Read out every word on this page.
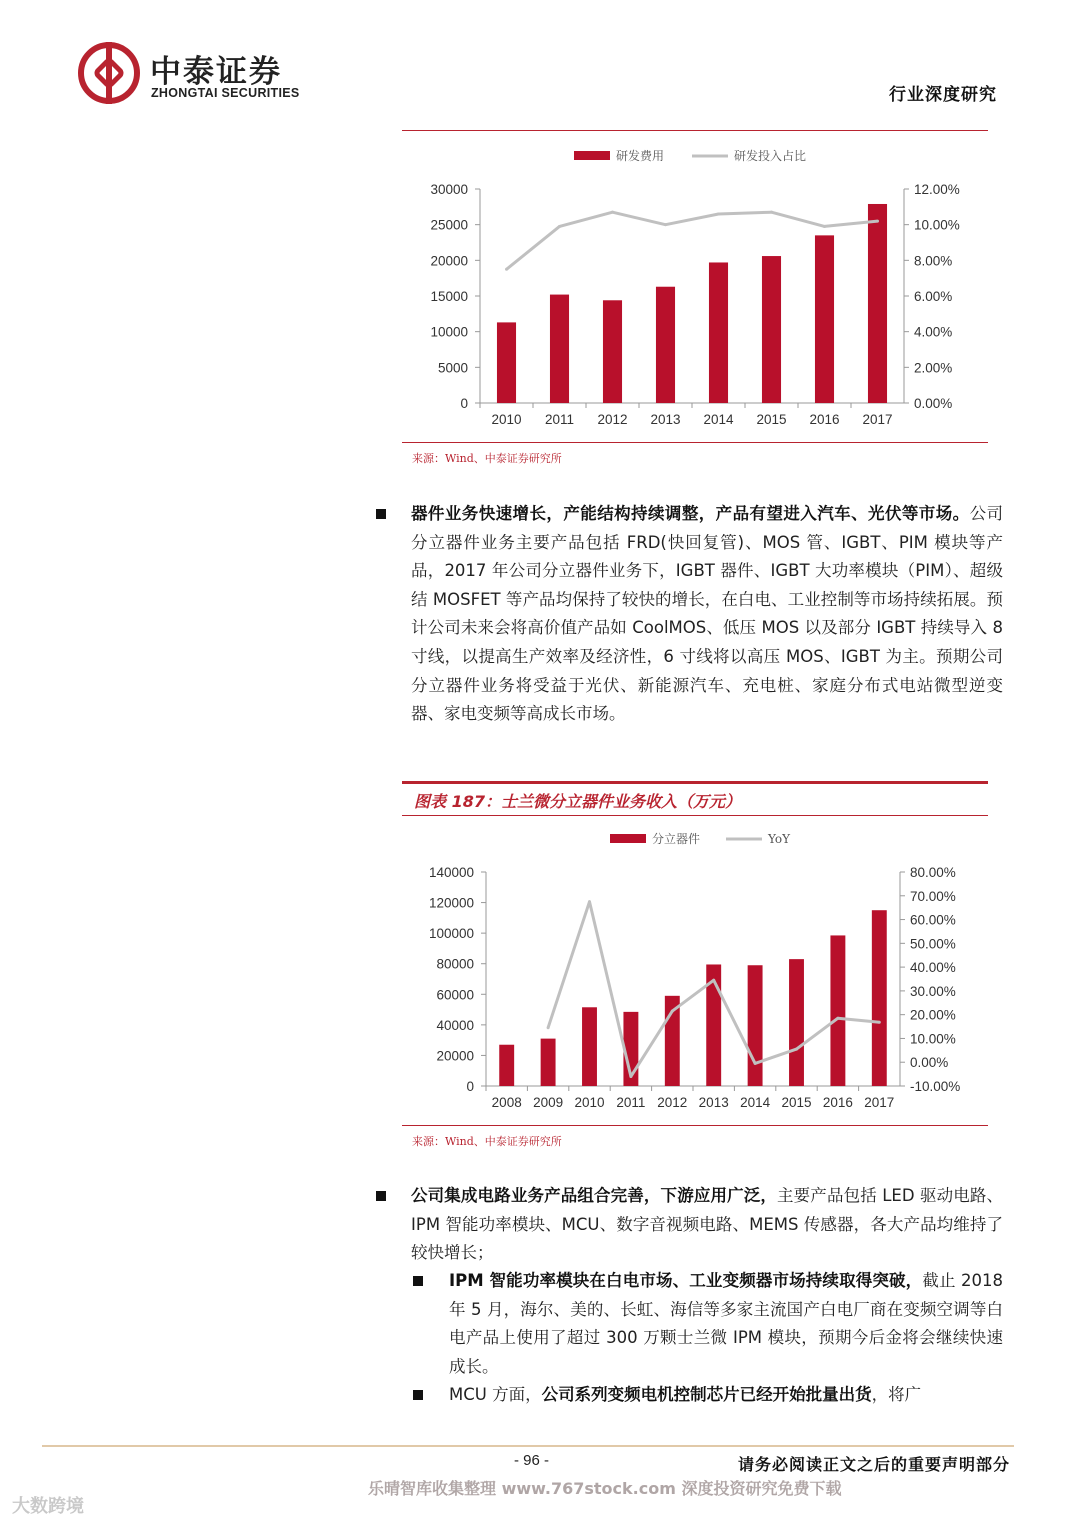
中泰证券
ZHONGTAI SECURITIES	行业深度研究
研发费用	研发投入占比
0
5000
10000
15000
20000
25000
30000
0.00%
2.00%
4.00%
6.00%
8.00%
10.00%
12.00%
2010 2011 2012 2013 2014 2015 2016 2017
来源：Wind、中泰证券研究所
器件业务快速增长，产能结构持续调整，产品有望进入汽车、光伏等市场。公司分立器件业务主要产品包括 FRD(快回复管)、MOS 管、IGBT、PIM 模块等产品，2017 年公司分立器件业务下，IGBT 器件、IGBT 大功率模块（PIM）、超级结 MOSFET 等产品均保持了较快的增长，在白电、工业控制等市场持续拓展。预计公司未来会将高价值产品如 CoolMOS、低压 MOS 以及部分 IGBT 持续导入 8 寸线，以提高生产效率及经济性，6 寸线将以高压 MOS、IGBT 为主。预期公司分立器件业务将受益于光伏、新能源汽车、充电桩、家庭分布式电站微型逆变器、家电变频等高成长市场。
图表 187：士兰微分立器件业务收入（万元）
分立器件	YoY
0
20000
40000
60000
80000
100000
120000
140000
-10.00%
0.00%
10.00%
20.00%
30.00%
40.00%
50.00%
60.00%
70.00%
80.00%
2008 2009 2010 2011 2012 2013 2014 2015 2016 2017
来源：Wind、中泰证券研究所
公司集成电路业务产品组合完善，下游应用广泛，主要产品包括 LED 驱动电路、IPM 智能功率模块、MCU、数字音视频电路、MEMS 传感器，各大产品均维持了较快增长；
IPM 智能功率模块在白电市场、工业变频器市场持续取得突破，截止 2018 年 5 月，海尔、美的、长虹、海信等多家主流国产白电厂商在变频空调等白电产品上使用了超过 300 万颗士兰微 IPM 模块，预期今后金将会继续快速成长。
MCU 方面，公司系列变频电机控制芯片已经开始批量出货，将广
- 96 -	请务必阅读正文之后的重要声明部分
乐晴智库收集整理 www.767stock.com 深度投资研究免费下载
大数跨境
